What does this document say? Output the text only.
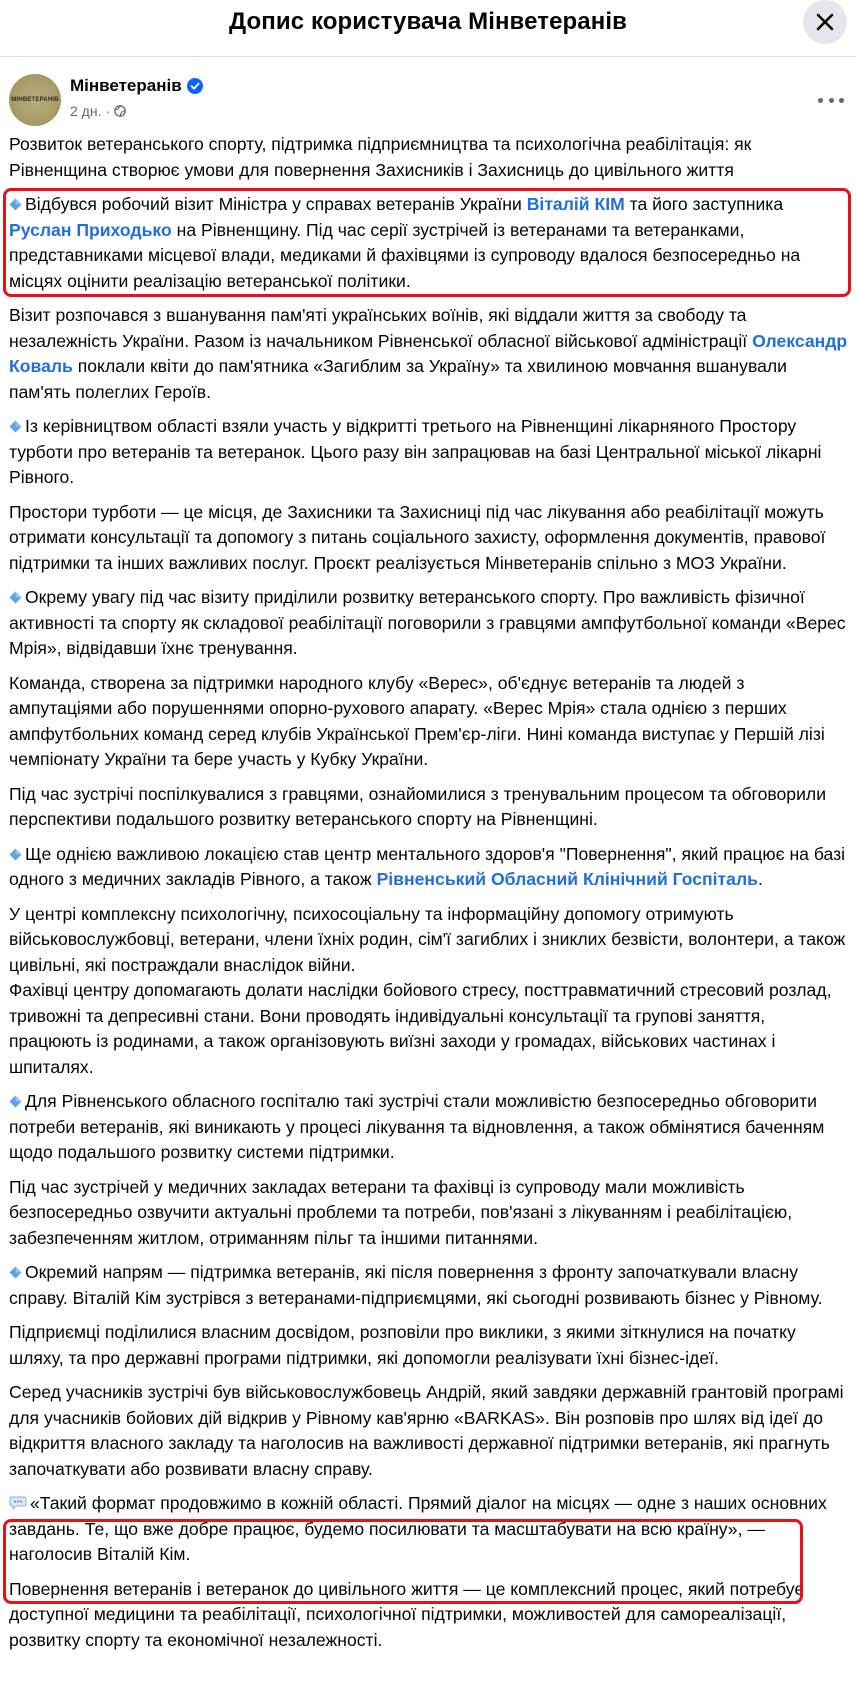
Допис користувача Мінветеранів
МІНВЕТЕРАНІВ
Мінветеранів
2 дн. ·
Розвиток ветеранського спорту, підтримка підприємництва та психологічна реабілітація: як Рівненщина створює умови для повернення Захисників і Захисниць до цивільного життя
Відбувся робочий візит Міністра у справах ветеранів України Віталій КІМ та його заступника Руслан Приходько на Рівненщину. Під час серії зустрічей із ветеранами та ветеранками, представниками місцевої влади, медиками й фахівцями із супроводу вдалося безпосередньо на місцях оцінити реалізацію ветеранської політики.
Візит розпочався з вшанування пам'яті українських воїнів, які віддали життя за свободу та незалежність України. Разом із начальником Рівненської обласної військової адміністрації Олександр Коваль поклали квіти до пам'ятника «Загиблим за Україну» та хвилиною мовчання вшанували пам'ять полеглих Героїв.
Із керівництвом області взяли участь у відкритті третього на Рівненщині лікарняного Простору турботи про ветеранів та ветеранок. Цього разу він запрацював на базі Центральної міської лікарні Рівного.
Простори турботи — це місця, де Захисники та Захисниці під час лікування або реабілітації можуть отримати консультації та допомогу з питань соціального захисту, оформлення документів, правової підтримки та інших важливих послуг. Проєкт реалізується Мінветеранів спільно з МОЗ України.
Окрему увагу під час візиту приділили розвитку ветеранського спорту. Про важливість фізичної активності та спорту як складової реабілітації поговорили з гравцями ампфутбольної команди «Верес Мрія», відвідавши їхнє тренування.
Команда, створена за підтримки народного клубу «Верес», об'єднує ветеранів та людей з ампутаціями або порушеннями опорно-рухового апарату. «Верес Мрія» стала однією з перших ампфутбольних команд серед клубів Української Прем'єр-ліги. Нині команда виступає у Першій лізі чемпіонату України та бере участь у Кубку України.
Під час зустрічі поспілкувалися з гравцями, ознайомилися з тренувальним процесом та обговорили перспективи подальшого розвитку ветеранського спорту на Рівненщині.
Ще однією важливою локацією став центр ментального здоров'я "Повернення", який працює на базі одного з медичних закладів Рівного, а також Рівненський Обласний Клінічний Госпіталь.
У центрі комплексну психологічну, психосоціальну та інформаційну допомогу отримують військовослужбовці, ветерани, члени їхніх родин, сім'ї загиблих і зниклих безвісти, волонтери, а також цивільні, які постраждали внаслідок війни.
Фахівці центру допомагають долати наслідки бойового стресу, посттравматичний стресовий розлад, тривожні та депресивні стани. Вони проводять індивідуальні консультації та групові заняття, працюють із родинами, а також організовують виїзні заходи у громадах, військових частинах і шпиталях.
Для Рівненського обласного госпіталю такі зустрічі стали можливістю безпосередньо обговорити потреби ветеранів, які виникають у процесі лікування та відновлення, а також обмінятися баченням щодо подальшого розвитку системи підтримки.
Під час зустрічей у медичних закладах ветерани та фахівці із супроводу мали можливість безпосередньо озвучити актуальні проблеми та потреби, пов'язані з лікуванням і реабілітацією, забезпеченням житлом, отриманням пільг та іншими питаннями.
Окремий напрям — підтримка ветеранів, які після повернення з фронту започаткували власну справу. Віталій Кім зустрівся з ветеранами-підприємцями, які сьогодні розвивають бізнес у Рівному.
Підприємці поділилися власним досвідом, розповіли про виклики, з якими зіткнулися на початку шляху, та про державні програми підтримки, які допомогли реалізувати їхні бізнес-ідеї.
Серед учасників зустрічі був військовослужбовець Андрій, який завдяки державній грантовій програмі для учасників бойових дій відкрив у Рівному кав'ярню «BARKAS». Він розповів про шлях від ідеї до відкриття власного закладу та наголосив на важливості державної підтримки ветеранів, які прагнуть започаткувати або розвивати власну справу.
«Такий формат продовжимо в кожній області. Прямий діалог на місцях — одне з наших основних завдань. Те, що вже добре працює, будемо посилювати та масштабувати на всю країну», — наголосив Віталій Кім.
Повернення ветеранів і ветеранок до цивільного життя — це комплексний процес, який потребує доступної медицини та реабілітації, психологічної підтримки, можливостей для самореалізації, розвитку спорту та економічної незалежності.
